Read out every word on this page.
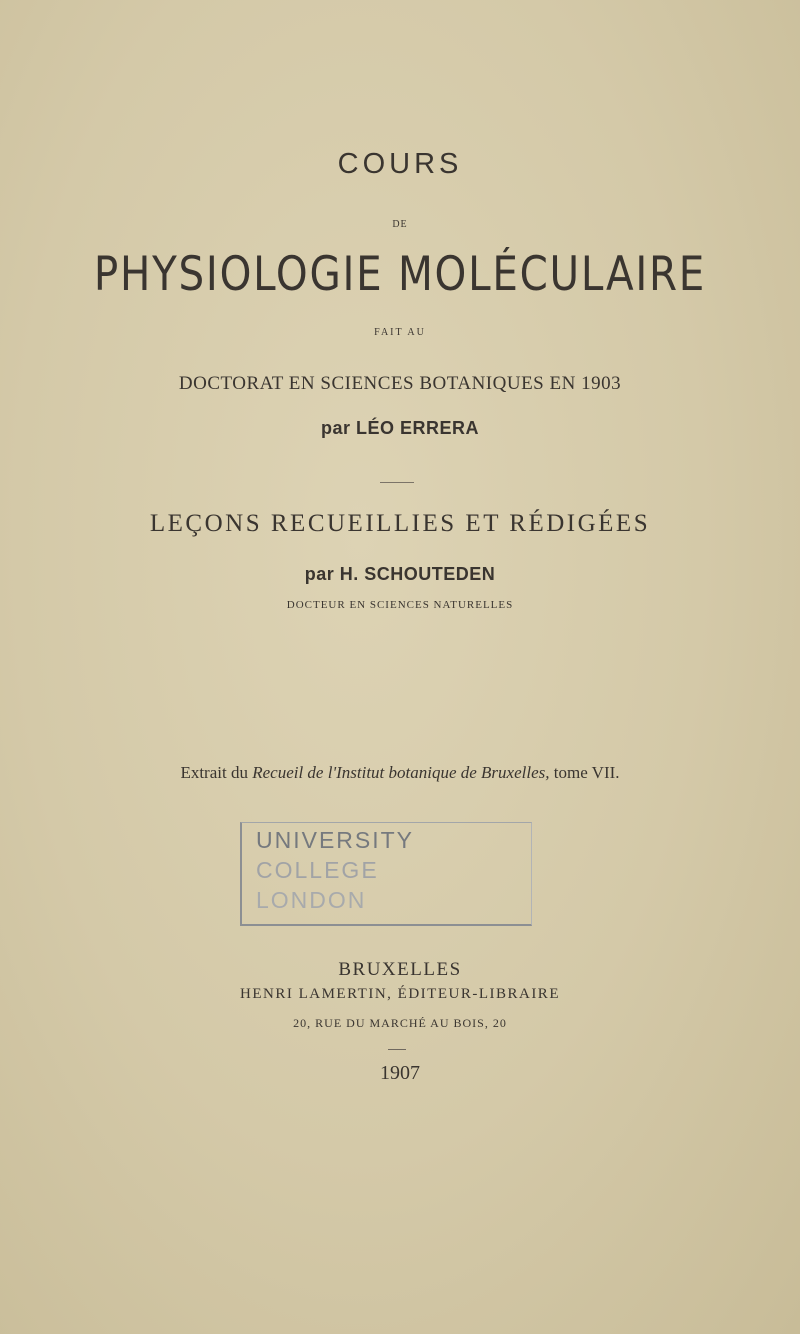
COURS
DE
PHYSIOLOGIE MOLÉCULAIRE
FAIT AU
DOCTORAT EN SCIENCES BOTANIQUES EN 1903
par LÉO ERRERA
LEÇONS RECUEILLIES ET RÉDIGÉES
par H. SCHOUTEDEN
DOCTEUR EN SCIENCES NATURELLES
Extrait du Recueil de l'Institut botanique de Bruxelles, tome VII.
UNIVERSITY
COLLEGE
LONDON
BRUXELLES
HENRI LAMERTIN, ÉDITEUR-LIBRAIRE
20, RUE DU MARCHÉ AU BOIS, 20
1907
